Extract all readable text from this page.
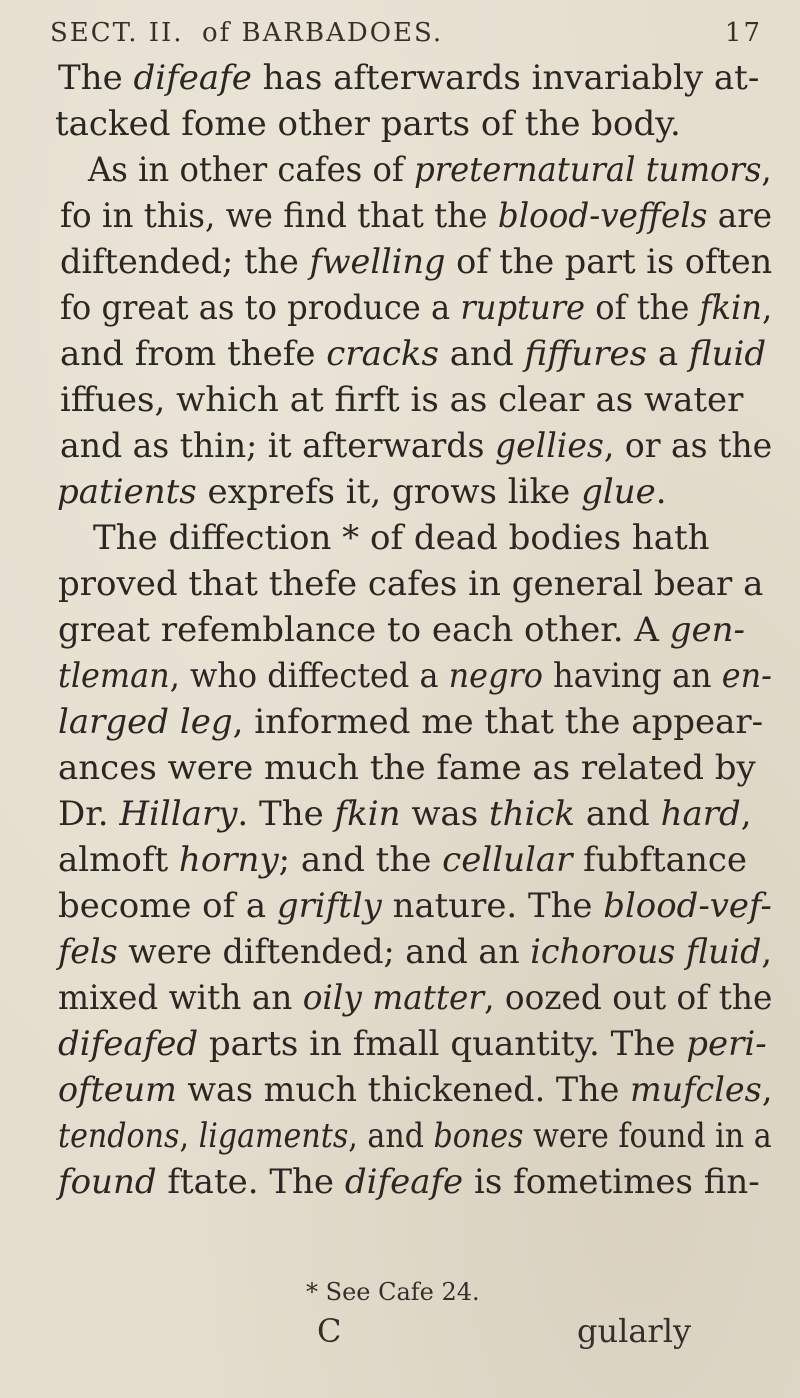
SECT. II. of BARBADOES.	17
The difeafe has afterwards invariably at-
tacked fome other parts of the body.
As in other cafes of preternatural tumors,
fo in this, we find that the blood-veffels are
diftended; the fwelling of the part is often
fo great as to produce a rupture of the fkin,
and from thefe cracks and fiffures a fluid
iffues, which at firft is as clear as water
and as thin; it afterwards gellies, or as the
patients exprefs it, grows like glue.
The diffection * of dead bodies hath
proved that thefe cafes in general bear a
great refemblance to each other. A gen-
tleman, who diffected a negro having an en-
larged leg, informed me that the appear-
ances were much the fame as related by
Dr. Hillary. The fkin was thick and hard,
almoft horny; and the cellular fubftance
become of a griftly nature. The blood-vef-
fels were diftended; and an ichorous fluid,
mixed with an oily matter, oozed out of the
difeafed parts in fmall quantity. The peri-
ofteum was much thickened. The mufcles,
tendons, ligaments, and bones were found in a
found ftate. The difeafe is fometimes fin-
* See Cafe 24.
C	gularly
